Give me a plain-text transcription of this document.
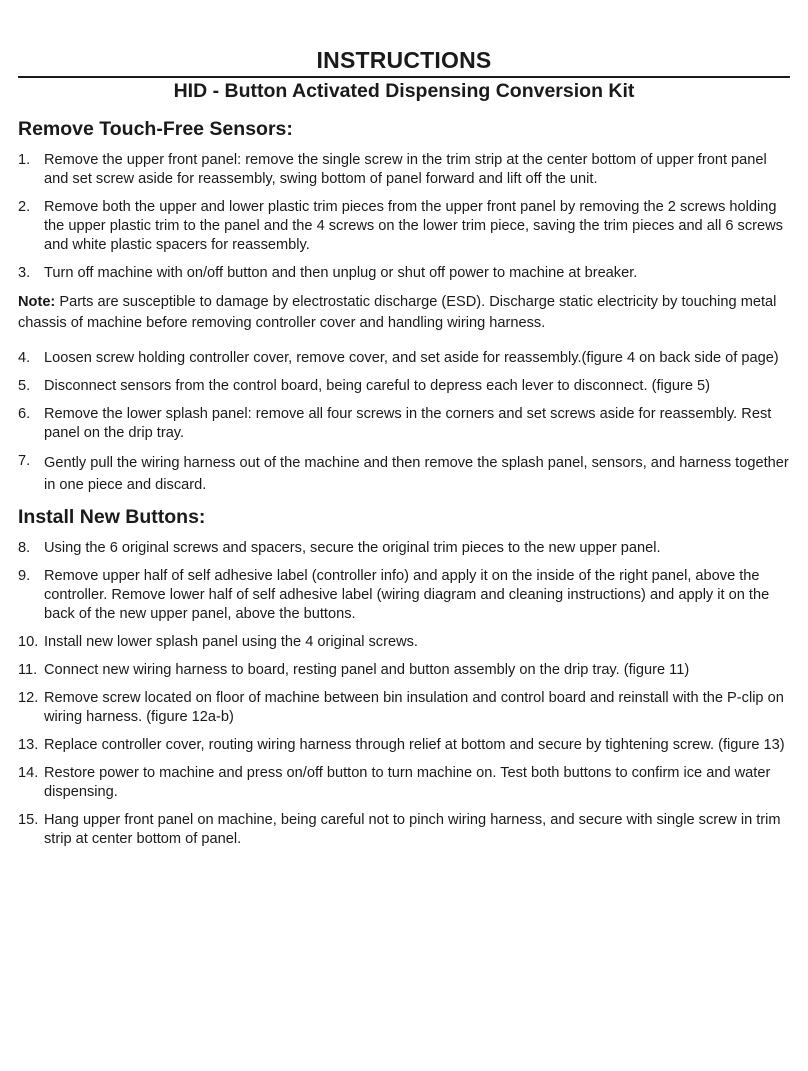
INSTRUCTIONS
HID - Button Activated Dispensing Conversion Kit
Remove Touch-Free Sensors:
1. Remove the upper front panel: remove the single screw in the trim strip at the center bottom of upper front panel and set screw aside for reassembly, swing bottom of panel forward and lift off the unit.
2. Remove both the upper and lower plastic trim pieces from the upper front panel by removing the 2 screws holding the upper plastic trim to the panel and the 4 screws on the lower trim piece, saving the trim pieces and all 6 screws and white plastic spacers for reassembly.
3. Turn off machine with on/off button and then unplug or shut off power to machine at breaker.

Note: Parts are susceptible to damage by electrostatic discharge (ESD). Discharge static electricity by touching metal chassis of machine before removing controller cover and handling wiring harness.

4. Loosen screw holding controller cover, remove cover, and set aside for reassembly.(figure 4 on back side of page)
5. Disconnect sensors from the control board, being careful to depress each lever to disconnect. (figure 5)
6. Remove the lower splash panel: remove all four screws in the corners and set screws aside for reassembly. Rest panel on the drip tray.
7. Gently pull the wiring harness out of the machine and then remove the splash panel, sensors, and harness together in one piece and discard.
Install New Buttons:
8. Using the 6 original screws and spacers, secure the original trim pieces to the new upper panel.
9. Remove upper half of self adhesive label (controller info) and apply it on the inside of the right panel, above the controller. Remove lower half of self adhesive label (wiring diagram and cleaning instructions) and apply it on the back of the new upper panel, above the buttons.
10. Install new lower splash panel using the 4 original screws.
11. Connect new wiring harness to board, resting panel and button assembly on the drip tray. (figure 11)
12. Remove screw located on floor of machine between bin insulation and control board and reinstall with the P-clip on wiring harness. (figure 12a-b)
13. Replace controller cover, routing wiring harness through relief at bottom and secure by tightening screw. (figure 13)
14. Restore power to machine and press on/off button to turn machine on. Test both buttons to confirm ice and water dispensing.
15. Hang upper front panel on machine, being careful not to pinch wiring harness, and secure with single screw in trim strip at center bottom of panel.
